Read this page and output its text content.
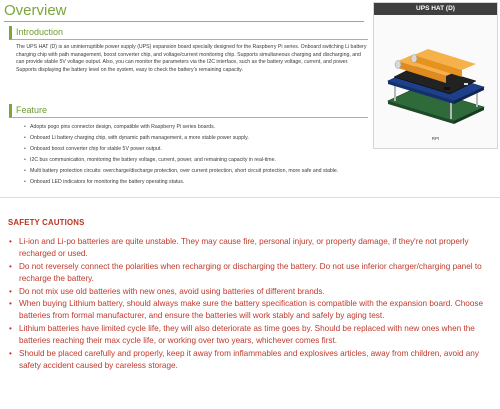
Overview
Introduction
The UPS HAT (D) is an uninterruptible power supply (UPS) expansion board specially designed for the Raspberry Pi series. Onboard switching Li battery charging chip with path management, boost converter chip, and voltage/current monitoring chip. Supports simultaneous charging and discharging, and can provide stable 5V voltage output. Also, you can monitor the parameters via the I2C interface, such as the battery voltage, current, and power. Supports displaying the battery level on the system, easy to check the battery's remaining capacity.
Feature
• Adopts pogo pins connector design, compatible with Raspberry Pi series boards.
• Onboard Li battery charging chip, with dynamic path management, a more stable power supply.
• Onboard boost converter chip for stable 5V power output.
• I2C bus communication, monitoring the battery voltage, current, power, and remaining capacity in real-time.
• Multi battery protection circuits: overcharge/discharge protection, over current protection, short circuit protection, more safe and stable.
• Onboard LED indicators for monitoring the battery operating status.
UPS HAT (D)
RPI
SAFETY CAUTIONS
• Li-ion and Li-po batteries are quite unstable. They may cause fire, personal injury, or property damage, if they're not properly recharged or used.
• Do not reversely connect the polarities when recharging or discharging the battery. Do not use inferior charger/charging panel to recharge the battery.
• Do not mix use old batteries with new ones, avoid using batteries of different brands.
• When buying Lithium battery, should always make sure the battery specification is compatible with the expansion board. Choose batteries from formal manufacturer, and ensure the batteries will work stably and safely by aging test.
• Lithium batteries have limited cycle life, they will also deteriorate as time goes by. Should be replaced with new ones when the batteries reaching their max cycle life, or working over two years, whichever comes first.
• Should be placed carefully and properly, keep it away from inflammables and explosives articles, away from children, avoid any safety accident caused by careless storage.
